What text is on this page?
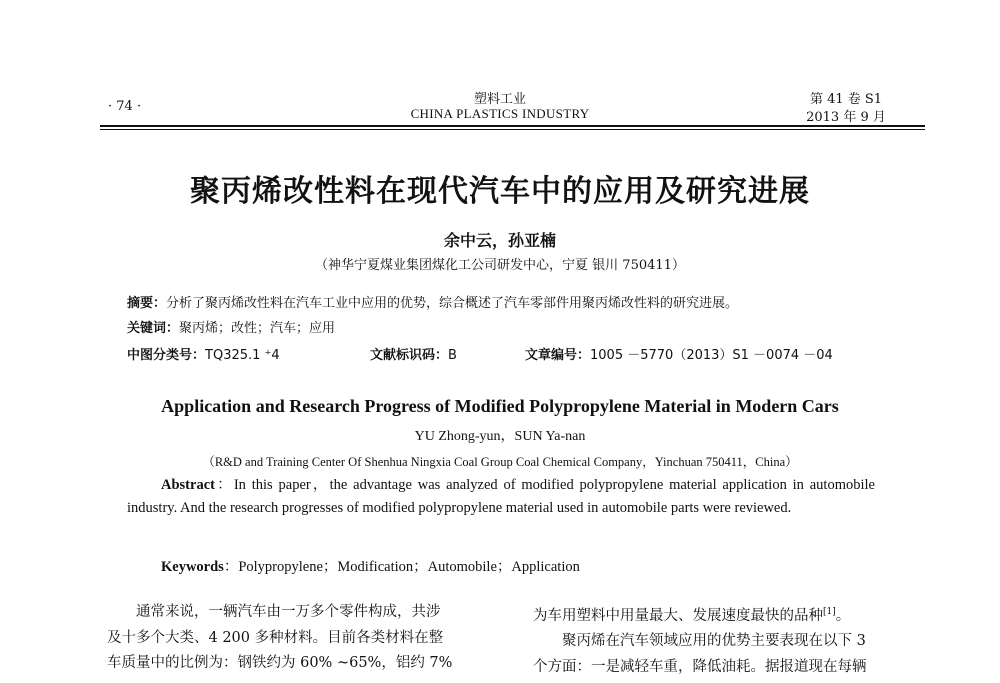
· 74 ·	塑料工业
CHINA PLASTICS INDUSTRY
第 41 卷 S1
2013 年 9 月
聚丙烯改性料在现代汽车中的应用及研究进展
余中云，孙亚楠
（神华宁夏煤业集团煤化工公司研发中心，宁夏 银川 750411）
摘要：分析了聚丙烯改性料在汽车工业中应用的优势，综合概述了汽车零部件用聚丙烯改性料的研究进展。
关键词：聚丙烯；改性；汽车；应用
中图分类号：TQ325.1 ⁺4	文献标识码：B	文章编号：1005 －5770（2013）S1 －0074 －04
Application and Research Progress of Modified Polypropylene Material in Modern Cars
YU Zhong-yun，SUN Ya-nan
（R&D and Training Center Of Shenhua Ningxia Coal Group Coal Chemical Company，Yinchuan 750411，China）
Abstract：In this paper，the advantage was analyzed of modified polypropylene material application in automobile industry. And the research progresses of modified polypropylene material used in automobile parts were reviewed.
Keywords：Polypropylene；Modification；Automobile；Application
　　通常来说，一辆汽车由一万多个零件构成，共涉
及十多个大类、4 200 多种材料。目前各类材料在整
车质量中的比例为：钢铁约为 60% ~65%，铝约 7%
为车用塑料中用量最大、发展速度最快的品种[1]。
　　聚丙烯在汽车领域应用的优势主要表现在以下 3
个方面：一是减轻车重，降低油耗。据报道现在每辆
